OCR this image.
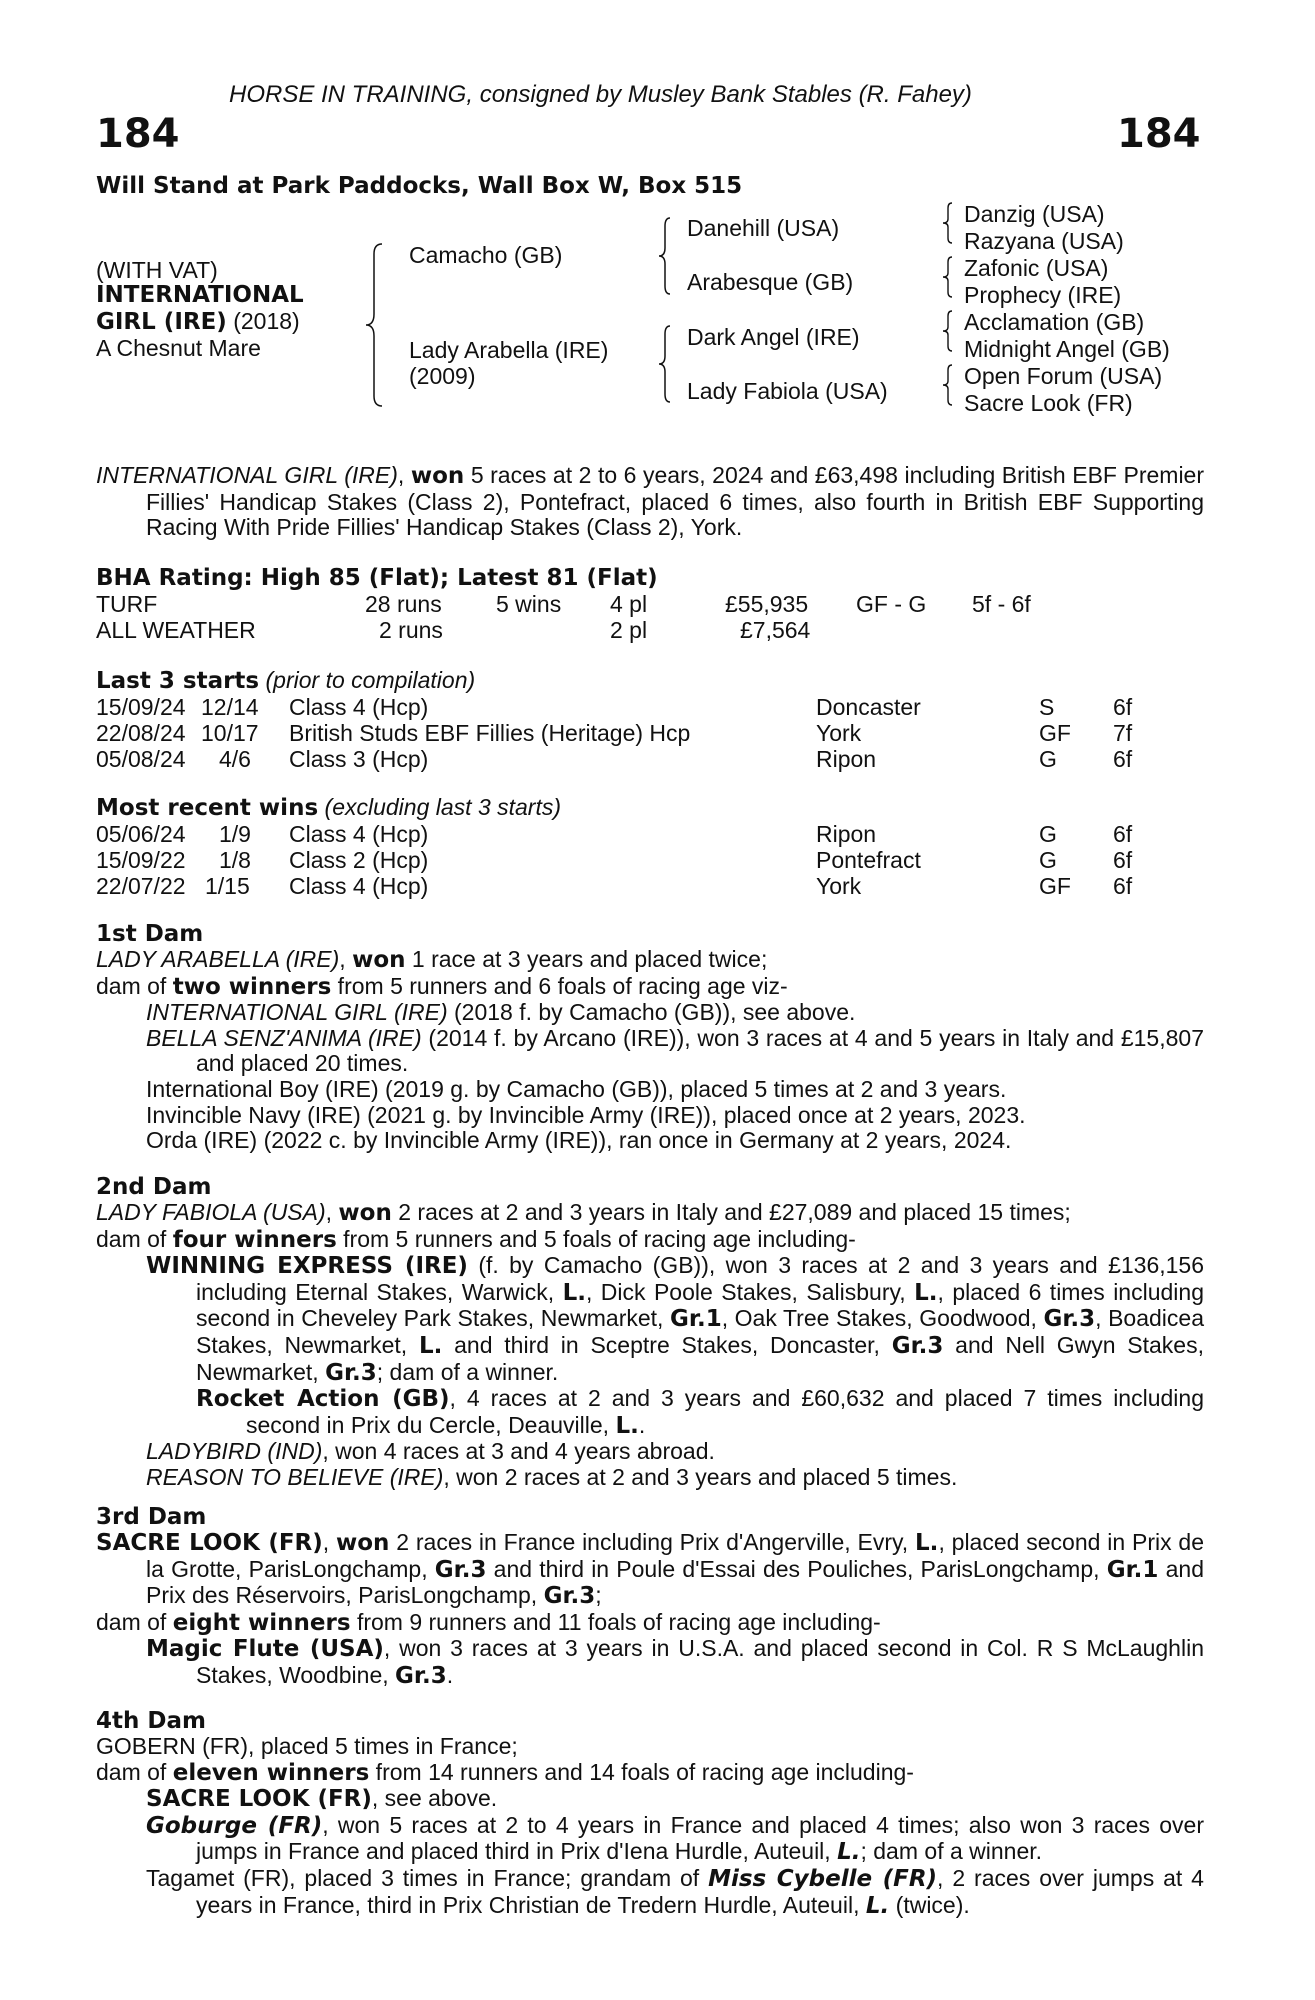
HORSE IN TRAINING, consigned by Musley Bank Stables (R. Fahey)
184	184
Will Stand at Park Paddocks, Wall Box W, Box 515
(WITH VAT)
INTERNATIONAL
GIRL (IRE) (2018)
A Chesnut Mare
Camacho (GB)
Lady Arabella (IRE)
(2009)
Danehill (USA)
Arabesque (GB)
Dark Angel (IRE)
Lady Fabiola (USA)
Danzig (USA)
Razyana (USA)
Zafonic (USA)
Prophecy (IRE)
Acclamation (GB)
Midnight Angel (GB)
Open Forum (USA)
Sacre Look (FR)

INTERNATIONAL GIRL (IRE), won 5 races at 2 to 6 years, 2024 and £63,498 including British EBF Premier Fillies' Handicap Stakes (Class 2), Pontefract, placed 6 times, also fourth in British EBF Supporting Racing With Pride Fillies' Handicap Stakes (Class 2), York.

BHA Rating: High 85 (Flat); Latest 81 (Flat)
TURF	28 runs 5 wins 4 pl	£55,935 GF - G 5f - 6f
ALL WEATHER	2 runs	2 pl	£7,564
Last 3 starts (prior to compilation)
15/09/24 12/14 Class 4 (Hcp)	Doncaster	S	6f
22/08/24 10/17 British Studs EBF Fillies (Heritage) Hcp	York	GF 7f
05/08/24 4/6 Class 3 (Hcp)	Ripon	G 6f
Most recent wins (excluding last 3 starts)
05/06/24 1/9 Class 4 (Hcp)	Ripon	G 6f
15/09/22 1/8 Class 2 (Hcp)	Pontefract	G 6f
22/07/22 1/15 Class 4 (Hcp)	York	GF 6f
1st Dam

LADY ARABELLA (IRE), won 1 race at 3 years and placed twice;

dam of two winners from 5 runners and 6 foals of racing age viz-

INTERNATIONAL GIRL (IRE) (2018 f. by Camacho (GB)), see above.

BELLA SENZ'ANIMA (IRE) (2014 f. by Arcano (IRE)), won 3 races at 4 and 5 years in Italy and £15,807 and placed 20 times.

International Boy (IRE) (2019 g. by Camacho (GB)), placed 5 times at 2 and 3 years.

Invincible Navy (IRE) (2021 g. by Invincible Army (IRE)), placed once at 2 years, 2023.

Orda (IRE) (2022 c. by Invincible Army (IRE)), ran once in Germany at 2 years, 2024.

2nd Dam

LADY FABIOLA (USA), won 2 races at 2 and 3 years in Italy and £27,089 and placed 15 times;

dam of four winners from 5 runners and 5 foals of racing age including-

WINNING EXPRESS (IRE) (f. by Camacho (GB)), won 3 races at 2 and 3 years and £136,156 including Eternal Stakes, Warwick, L., Dick Poole Stakes, Salisbury, L., placed 6 times including second in Cheveley Park Stakes, Newmarket, Gr.1, Oak Tree Stakes, Goodwood, Gr.3, Boadicea Stakes, Newmarket, L. and third in Sceptre Stakes, Doncaster, Gr.3 and Nell Gwyn Stakes, Newmarket, Gr.3; dam of a winner.

Rocket Action (GB), 4 races at 2 and 3 years and £60,632 and placed 7 times including second in Prix du Cercle, Deauville, L..

LADYBIRD (IND), won 4 races at 3 and 4 years abroad.

REASON TO BELIEVE (IRE), won 2 races at 2 and 3 years and placed 5 times.

3rd Dam

SACRE LOOK (FR), won 2 races in France including Prix d'Angerville, Evry, L., placed second in Prix de la Grotte, ParisLongchamp, Gr.3 and third in Poule d'Essai des Pouliches, ParisLongchamp, Gr.1 and Prix des Réservoirs, ParisLongchamp, Gr.3;

dam of eight winners from 9 runners and 11 foals of racing age including-

Magic Flute (USA), won 3 races at 3 years in U.S.A. and placed second in Col. R S McLaughlin Stakes, Woodbine, Gr.3.

4th Dam

GOBERN (FR), placed 5 times in France;

dam of eleven winners from 14 runners and 14 foals of racing age including-

SACRE LOOK (FR), see above.

Goburge (FR), won 5 races at 2 to 4 years in France and placed 4 times; also won 3 races over jumps in France and placed third in Prix d'Iena Hurdle, Auteuil, L.; dam of a winner.

Tagamet (FR), placed 3 times in France; grandam of Miss Cybelle (FR), 2 races over jumps at 4 years in France, third in Prix Christian de Tredern Hurdle, Auteuil, L. (twice).
